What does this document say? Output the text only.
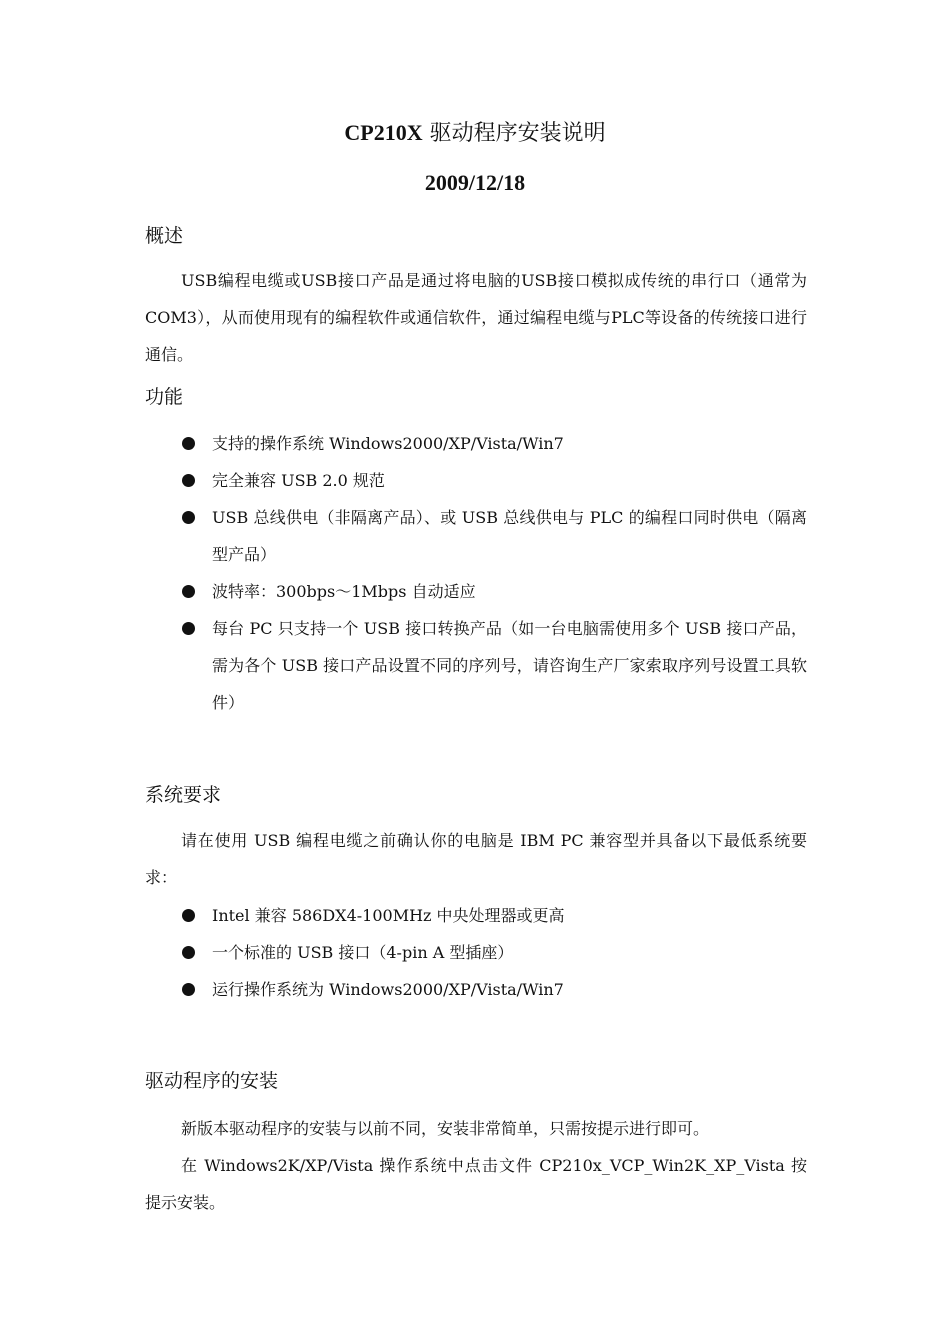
CP210X 驱动程序安装说明
2009/12/18
概述

USB编程电缆或USB接口产品是通过将电脑的USB接口模拟成传统的串行口（通常为COM3），从而使用现有的编程软件或通信软件，通过编程电缆与PLC等设备的传统接口进行通信。

功能
支持的操作系统 Windows2000/XP/Vista/Win7
完全兼容 USB 2.0 规范
USB 总线供电（非隔离产品）、或 USB 总线供电与 PLC 的编程口同时供电（隔离型产品）
波特率：300bps～1Mbps 自动适应
每台 PC 只支持一个 USB 接口转换产品（如一台电脑需使用多个 USB 接口产品，需为各个 USB 接口产品设置不同的序列号，请咨询生产厂家索取序列号设置工具软件）
系统要求

请在使用 USB 编程电缆之前确认你的电脑是 IBM PC 兼容型并具备以下最低系统要求：

Intel 兼容 586DX4-100MHz 中央处理器或更高
一个标准的 USB 接口（4-pin A 型插座）
运行操作系统为 Windows2000/XP/Vista/Win7
驱动程序的安装

新版本驱动程序的安装与以前不同，安装非常简单，只需按提示进行即可。

在 Windows2K/XP/Vista 操作系统中点击文件 CP210x_VCP_Win2K_XP_Vista 按提示安装。
